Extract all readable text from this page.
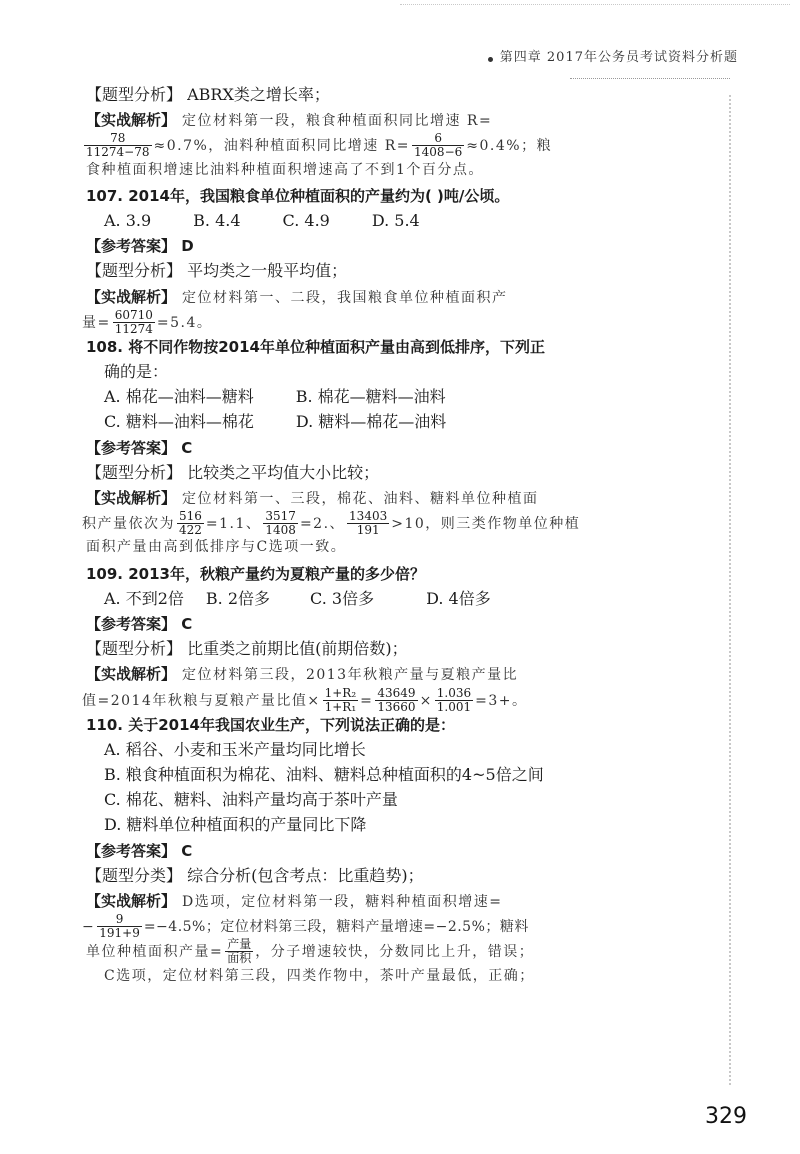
第四章 2017年公务员考试资料分析题
【题型分析】 ABRX类之增长率；
【实战解析】 定位材料第一段，粮食种植面积同比增速 R=
$\frac{78}{11274-78} \approx 0.7\%$，油料种植面积同比增速 $R= \frac{6}{1408-6} \approx 0.4\%$；粮
食种植面积增速比油料种植面积增速高了不到1个百分点。
107. 2014年，我国粮食单位种植面积的产量约为( )吨/公顷。
A. 3.9	B. 4.4	C. 4.9	D. 5.4
【参考答案】 D
【题型分析】 平均类之一般平均值；
【实战解析】 定位材料第一、二段，我国粮食单位种植面积产
量= $\frac{60710}{11274} =5.4$。
108. 将不同作物按2014年单位种植面积产量由高到低排序，下列正
确的是：
A. 棉花—油料—糖料	B. 棉花—糖料—油料
C. 糖料—油料—棉花	D. 糖料—棉花—油料
【参考答案】 C
【题型分析】 比较类之平均值大小比较；
【实战解析】 定位材料第一、三段，棉花、油料、糖料单位种植面
积产量依次为 $\frac{516}{422} =1.1$、 $\frac{3517}{1408} =2$.、 $\frac{13403}{191} >10$，则三类作物单位种植
面积产量由高到低排序与C选项一致。
109. 2013年，秋粮产量约为夏粮产量的多少倍？
A. 不到2倍 B. 2倍多	C. 3倍多	D. 4倍多
【参考答案】 C
【题型分析】 比重类之前期比值(前期倍数)；
【实战解析】 定位材料第三段，2013年秋粮产量与夏粮产量比
值=2014年秋粮与夏粮产量比值× $\frac{\text{1+R₂}}{\text{1+R₁}} = \frac{43649}{13660} \times \frac{1.036}{1.001} =3+$。
110. 关于2014年我国农业生产，下列说法正确的是：
A. 稻谷、小麦和玉米产量均同比增长
B. 粮食种植面积为棉花、油料、糖料总种植面积的4~5倍之间
C. 棉花、糖料、油料产量均高于茶叶产量
D. 糖料单位种植面积的产量同比下降
【参考答案】 C
【题型分类】 综合分析(包含考点：比重趋势)；
【实战解析】 D选项，定位材料第一段，糖料种植面积增速=
− $\frac{9}{191+9} =-4.5\%$；定位材料第三段，糖料产量增速=−2.5%；糖料
单位种植面积产量= $\frac{\text{产量}}{\text{面积}}$ ，分子增速较快，分数同比上升，错误；
C选项，定位材料第三段，四类作物中，茶叶产量最低，正确；
329
